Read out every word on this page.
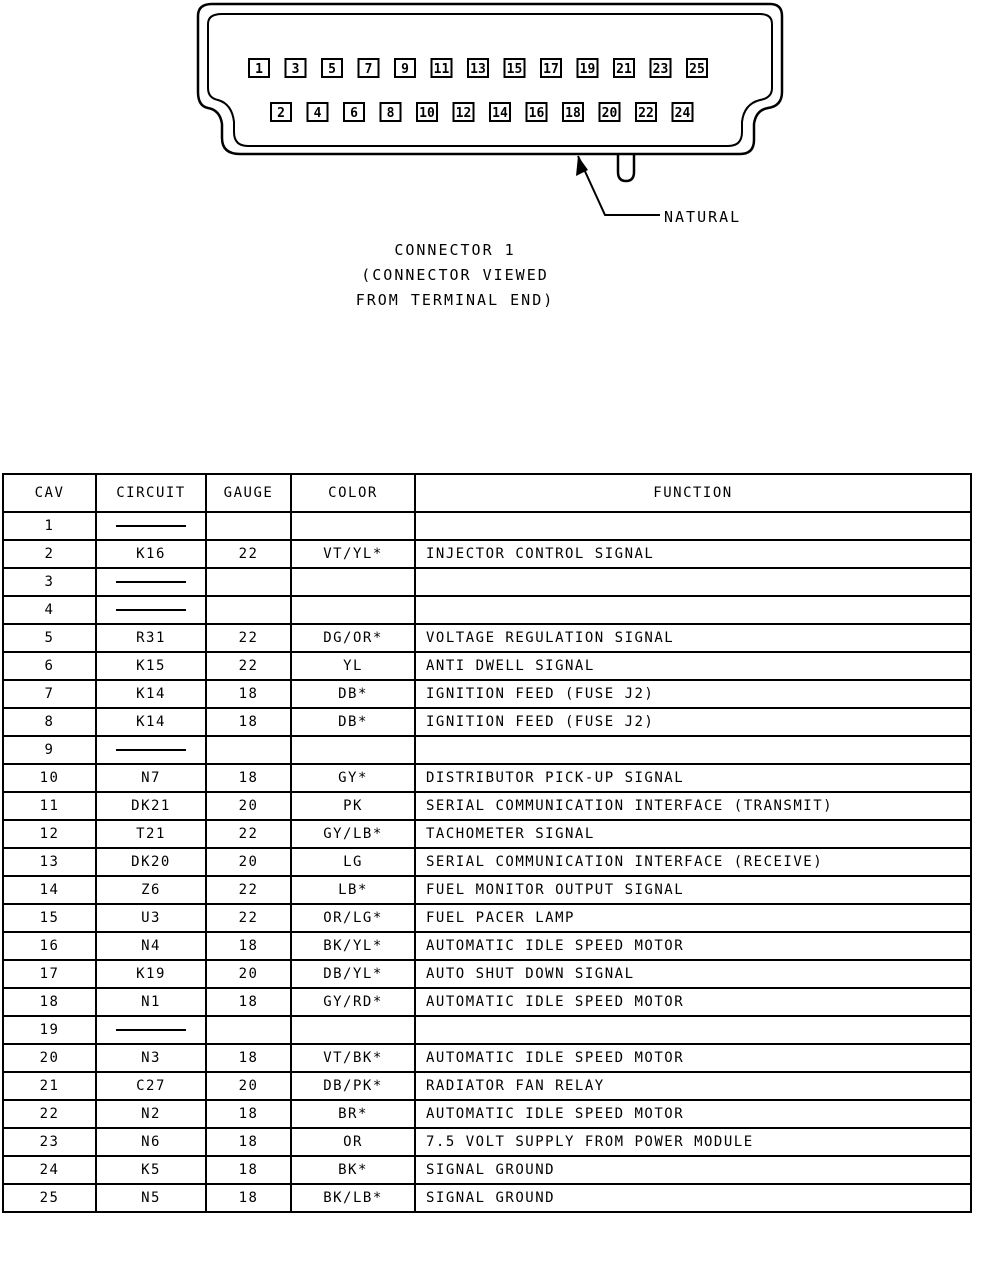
1 3 5 7 9 11 13 15 17 19 21 23 25
2 4 6 8 10 12 14 16 18 20 22 24
NATURAL
CONNECTOR 1
(CONNECTOR VIEWED
FROM TERMINAL END)
CAV	CIRCUIT	GAUGE	COLOR	FUNCTION
1				
2	K16	22	VT/YL*	INJECTOR CONTROL SIGNAL
3				
4				
5	R31	22	DG/OR*	VOLTAGE REGULATION SIGNAL
6	K15	22	YL	ANTI DWELL SIGNAL
7	K14	18	DB*	IGNITION FEED (FUSE J2)
8	K14	18	DB*	IGNITION FEED (FUSE J2)
9				
10	N7	18	GY*	DISTRIBUTOR PICK-UP SIGNAL
11	DK21	20	PK	SERIAL COMMUNICATION INTERFACE (TRANSMIT)
12	T21	22	GY/LB*	TACHOMETER SIGNAL
13	DK20	20	LG	SERIAL COMMUNICATION INTERFACE (RECEIVE)
14	Z6	22	LB*	FUEL MONITOR OUTPUT SIGNAL
15	U3	22	OR/LG*	FUEL PACER LAMP
16	N4	18	BK/YL*	AUTOMATIC IDLE SPEED MOTOR
17	K19	20	DB/YL*	AUTO SHUT DOWN SIGNAL
18	N1	18	GY/RD*	AUTOMATIC IDLE SPEED MOTOR
19				
20	N3	18	VT/BK*	AUTOMATIC IDLE SPEED MOTOR
21	C27	20	DB/PK*	RADIATOR FAN RELAY
22	N2	18	BR*	AUTOMATIC IDLE SPEED MOTOR
23	N6	18	OR	7.5 VOLT SUPPLY FROM POWER MODULE
24	K5	18	BK*	SIGNAL GROUND
25	N5	18	BK/LB*	SIGNAL GROUND
